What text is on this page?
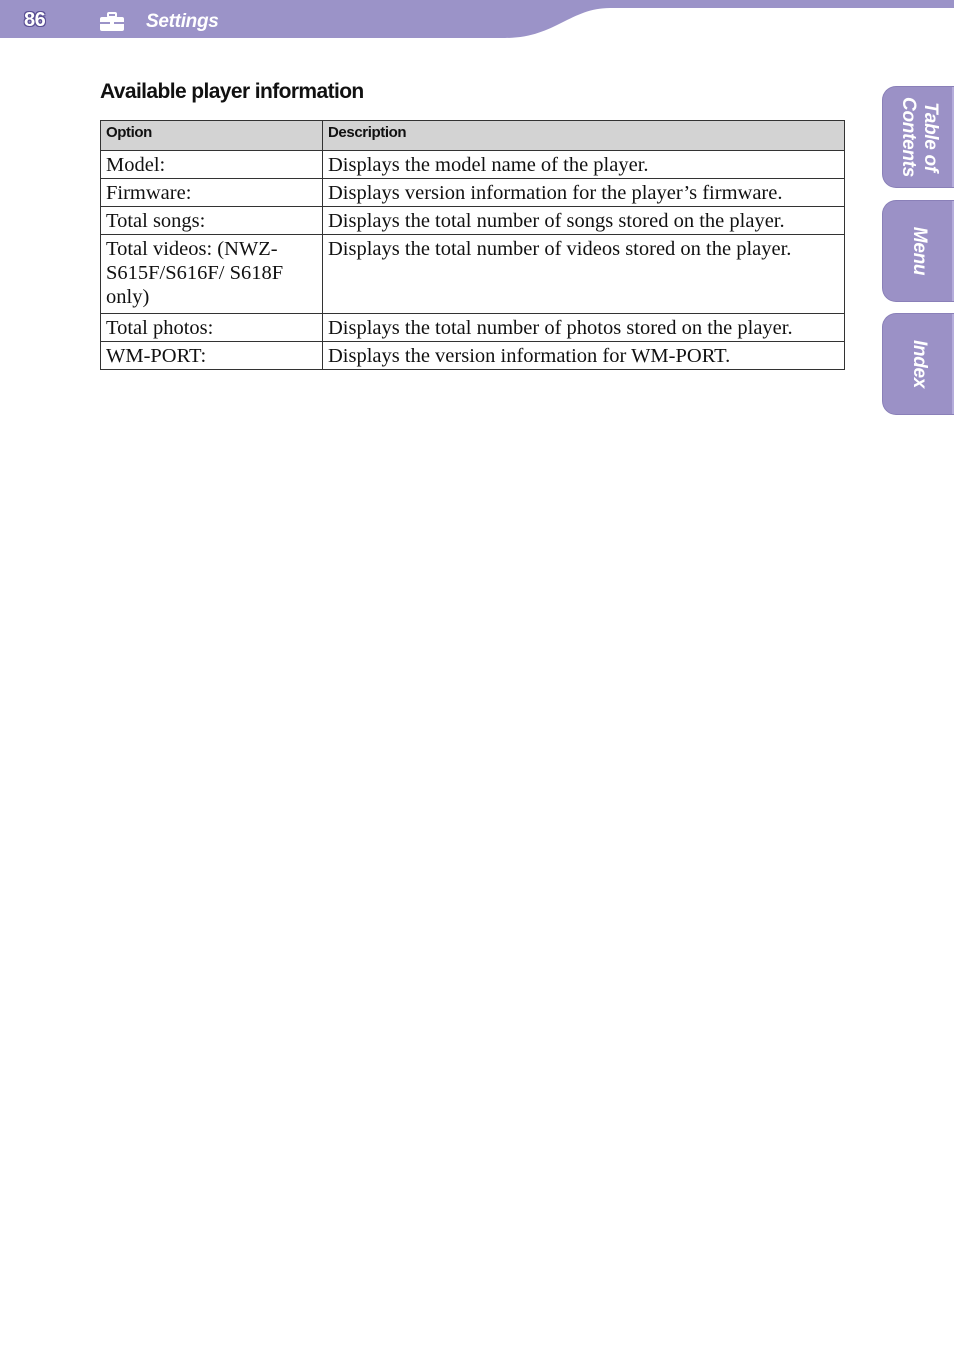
86	Settings
Available player information
Option	Description
Model:	Displays the model name of the player.
Firmware:	Displays version information for the player’s firmware.
Total songs:	Displays the total number of songs stored on the player.
Total videos: (NWZ-S615F/S616F/ S618F only)	Displays the total number of videos stored on the player.
Total photos:	Displays the total number of photos stored on the player.
WM-PORT:	Displays the version information for WM-PORT.
Table of
Contents
Menu
Index
